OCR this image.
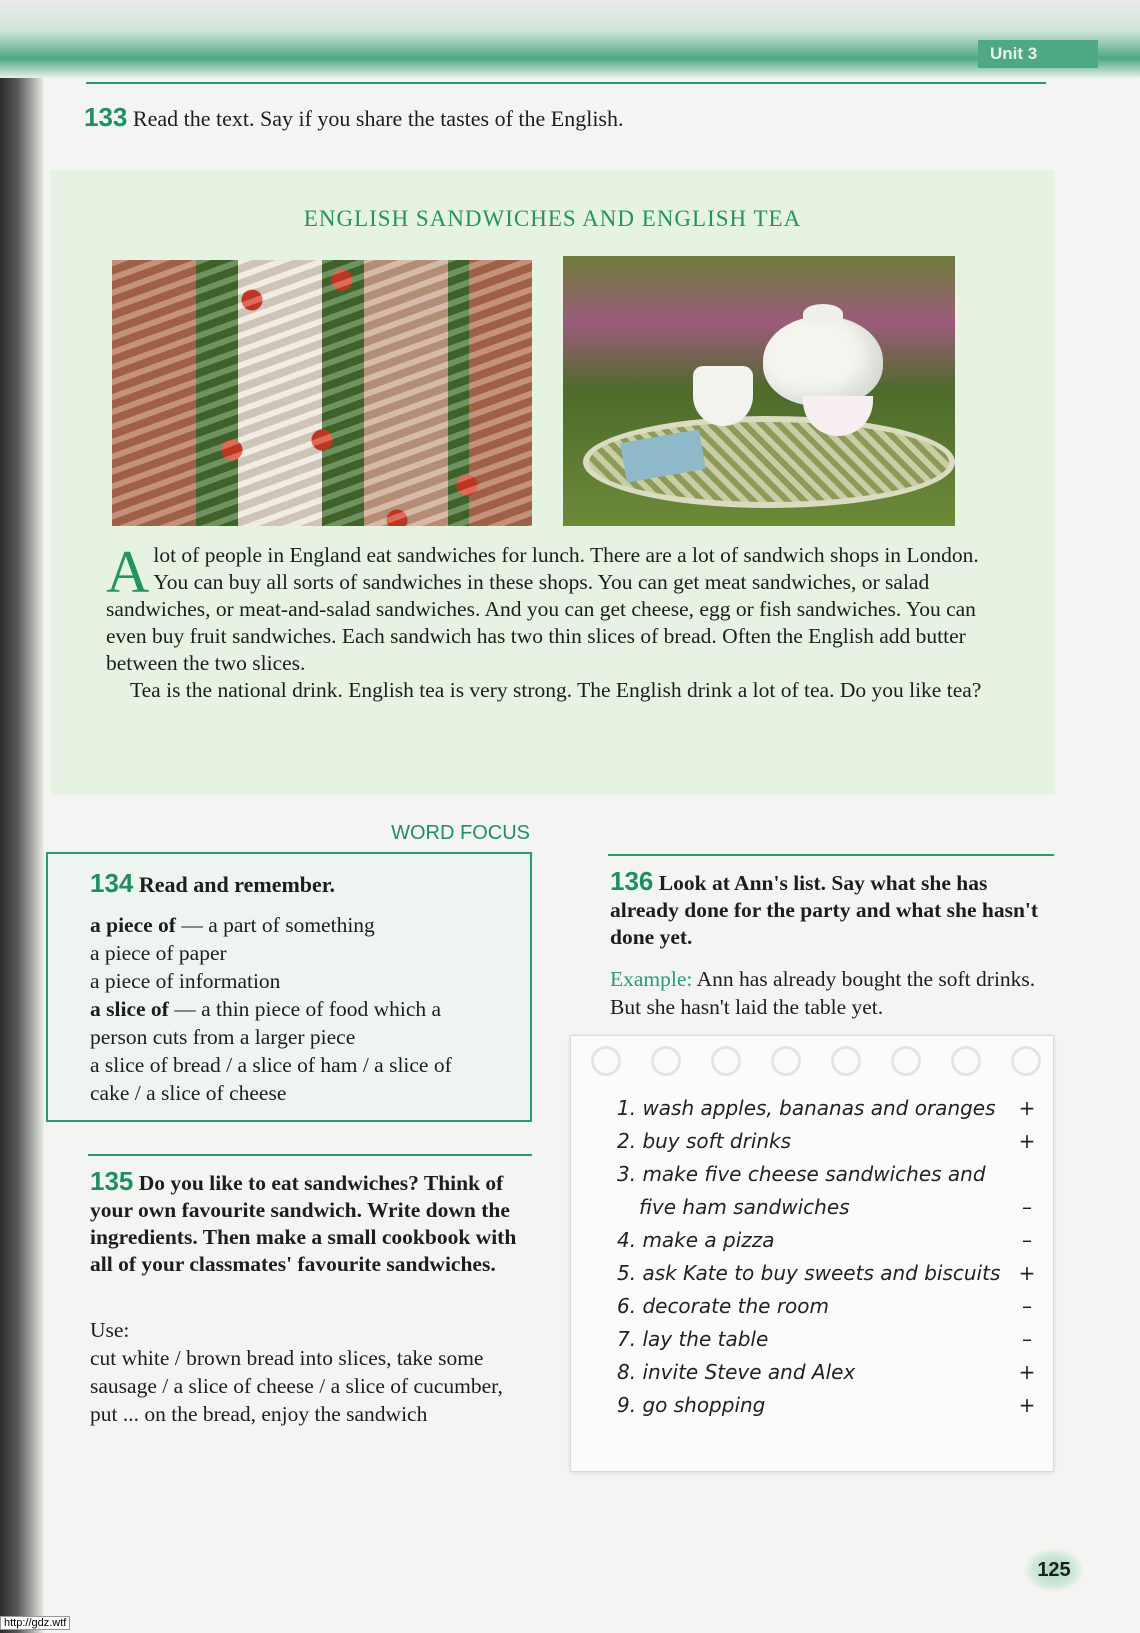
Unit 3
133 Read the text. Say if you share the tastes of the English.
ENGLISH SANDWICHES AND ENGLISH TEA

A lot of people in England eat sandwiches for lunch. There are a lot of sandwich shops in London. You can buy all sorts of sandwiches in these shops. You can get meat sandwiches, or salad sandwiches, or meat-and-salad sandwiches. And you can get cheese, egg or fish sandwiches. You can even buy fruit sandwiches. Each sandwich has two thin slices of bread. Often the English add butter between the two slices.

Tea is the national drink. English tea is very strong. The English drink a lot of tea. Do you like tea?

WORD FOCUS
134 Read and remember.
a piece of — a part of something
a piece of paper
a piece of information
a slice of — a thin piece of food which a
person cuts from a larger piece
a slice of bread / a slice of ham / a slice of
cake / a slice of cheese
135 Do you like to eat sandwiches? Think of your own favourite sandwich. Write down the ingredients. Then make a small cookbook with all of your classmates' favourite sandwiches.
Use:
cut white / brown bread into slices, take some sausage / a slice of cheese / a slice of cucumber, put ... on the bread, enjoy the sandwich
136 Look at Ann's list. Say what she has already done for the party and what she hasn't done yet.
Example: Ann has already bought the soft drinks. But she hasn't laid the table yet.
1. wash apples, bananas and oranges +
2. buy soft drinks	+
3. make five cheese sandwiches and
five ham sandwiches	–
4. make a pizza	–
5. ask Kate to buy sweets and biscuits +
6. decorate the room	–
7. lay the table	–
8. invite Steve and Alex	+
9. go shopping	+
125
http://gdz.wtf
